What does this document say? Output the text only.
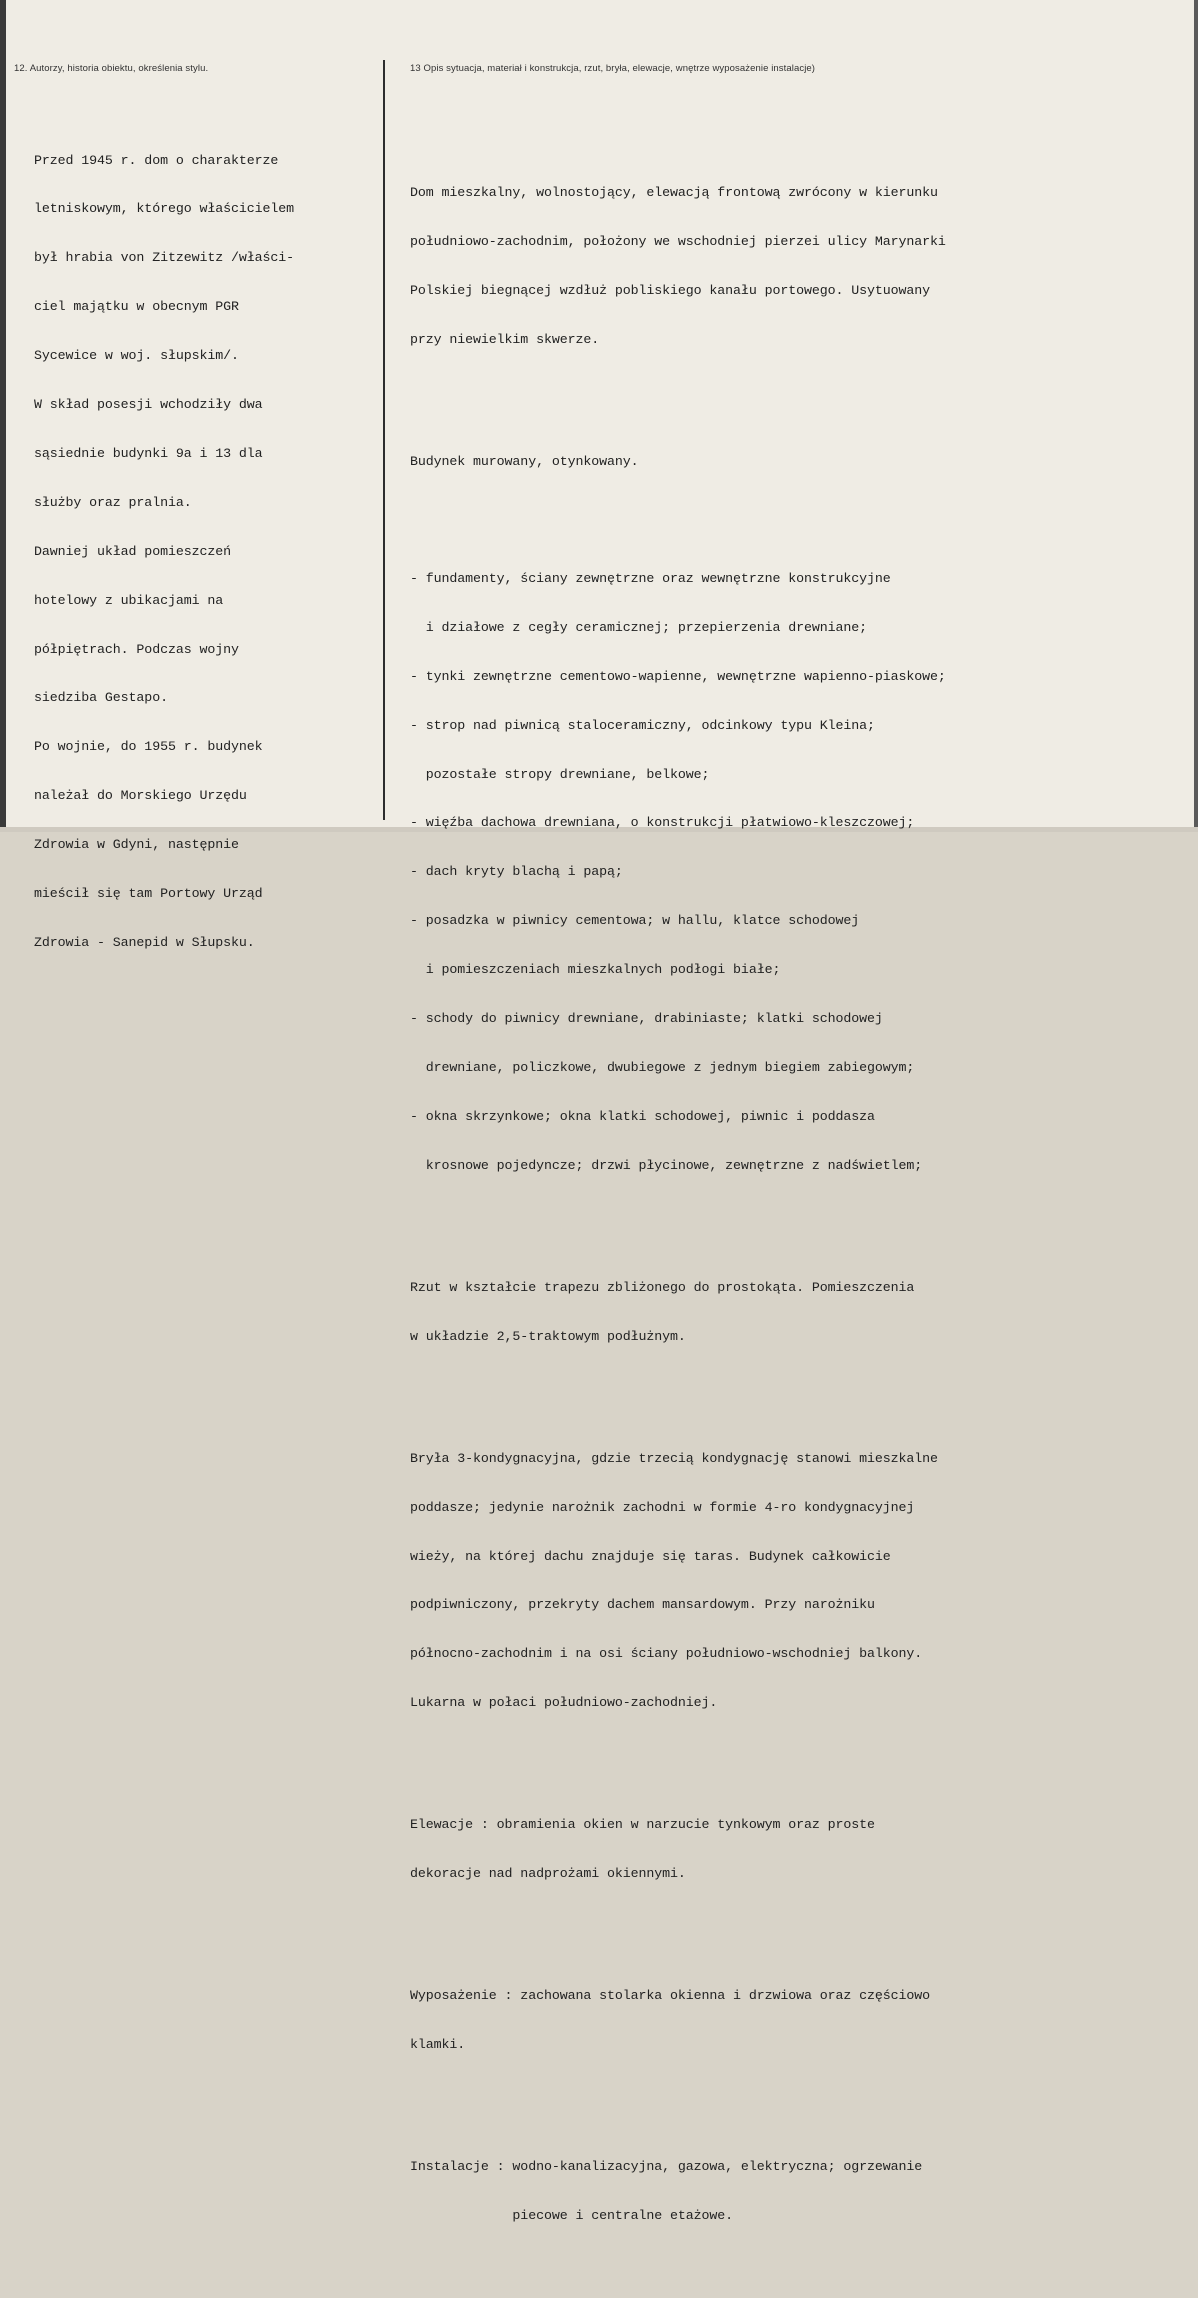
12. Autorzy, historia obiektu, określenia stylu.	13 Opis sytuacja, materiał i konstrukcja, rzut, bryła, elewacje, wnętrze wyposażenie instalacje)

Przed 1945 r. dom o charakterze

letniskowym, którego właścicielem

był hrabia von Zitzewitz /właści-

ciel majątku w obecnym PGR

Sycewice w woj. słupskim/.

W skład posesji wchodziły dwa

sąsiednie budynki 9a i 13 dla

służby oraz pralnia.

Dawniej układ pomieszczeń

hotelowy z ubikacjami na

półpiętrach. Podczas wojny

siedziba Gestapo.

Po wojnie, do 1955 r. budynek

należał do Morskiego Urzędu

Zdrowia w Gdyni, następnie

mieścił się tam Portowy Urząd

Zdrowia - Sanepid w Słupsku.

Dom mieszkalny, wolnostojący, elewacją frontową zwrócony w kierunku

południowo-zachodnim, położony we wschodniej pierzei ulicy Marynarki

Polskiej biegnącej wzdłuż pobliskiego kanału portowego. Usytuowany

przy niewielkim skwerze.

Budynek murowany, otynkowany.

- fundamenty, ściany zewnętrzne oraz wewnętrzne konstrukcyjne

i działowe z cegły ceramicznej; przepierzenia drewniane;

- tynki zewnętrzne cementowo-wapienne, wewnętrzne wapienno-piaskowe;

- strop nad piwnicą staloceramiczny, odcinkowy typu Kleina;

pozostałe stropy drewniane, belkowe;

- więźba dachowa drewniana, o konstrukcji płatwiowo-kleszczowej;

- dach kryty blachą i papą;

- posadzka w piwnicy cementowa; w hallu, klatce schodowej

i pomieszczeniach mieszkalnych podłogi białe;

- schody do piwnicy drewniane, drabiniaste; klatki schodowej

drewniane, policzkowe, dwubiegowe z jednym biegiem zabiegowym;

- okna skrzynkowe; okna klatki schodowej, piwnic i poddasza

krosnowe pojedyncze; drzwi płycinowe, zewnętrzne z nadświetlem;

Rzut w kształcie trapezu zbliżonego do prostokąta. Pomieszczenia

w układzie 2,5-traktowym podłużnym.

Bryła 3-kondygnacyjna, gdzie trzecią kondygnację stanowi mieszkalne

poddasze; jedynie narożnik zachodni w formie 4-ro kondygnacyjnej

wieży, na której dachu znajduje się taras. Budynek całkowicie

podpiwniczony, przekryty dachem mansardowym. Przy narożniku

północno-zachodnim i na osi ściany południowo-wschodniej balkony.

Lukarna w połaci południowo-zachodniej.

Elewacje : obramienia okien w narzucie tynkowym oraz proste

dekoracje nad nadprożami okiennymi.

Wyposażenie : zachowana stolarka okienna i drzwiowa oraz częściowo

klamki.

Instalacje : wodno-kanalizacyjna, gazowa, elektryczna; ogrzewanie

piecowe i centralne etażowe.
